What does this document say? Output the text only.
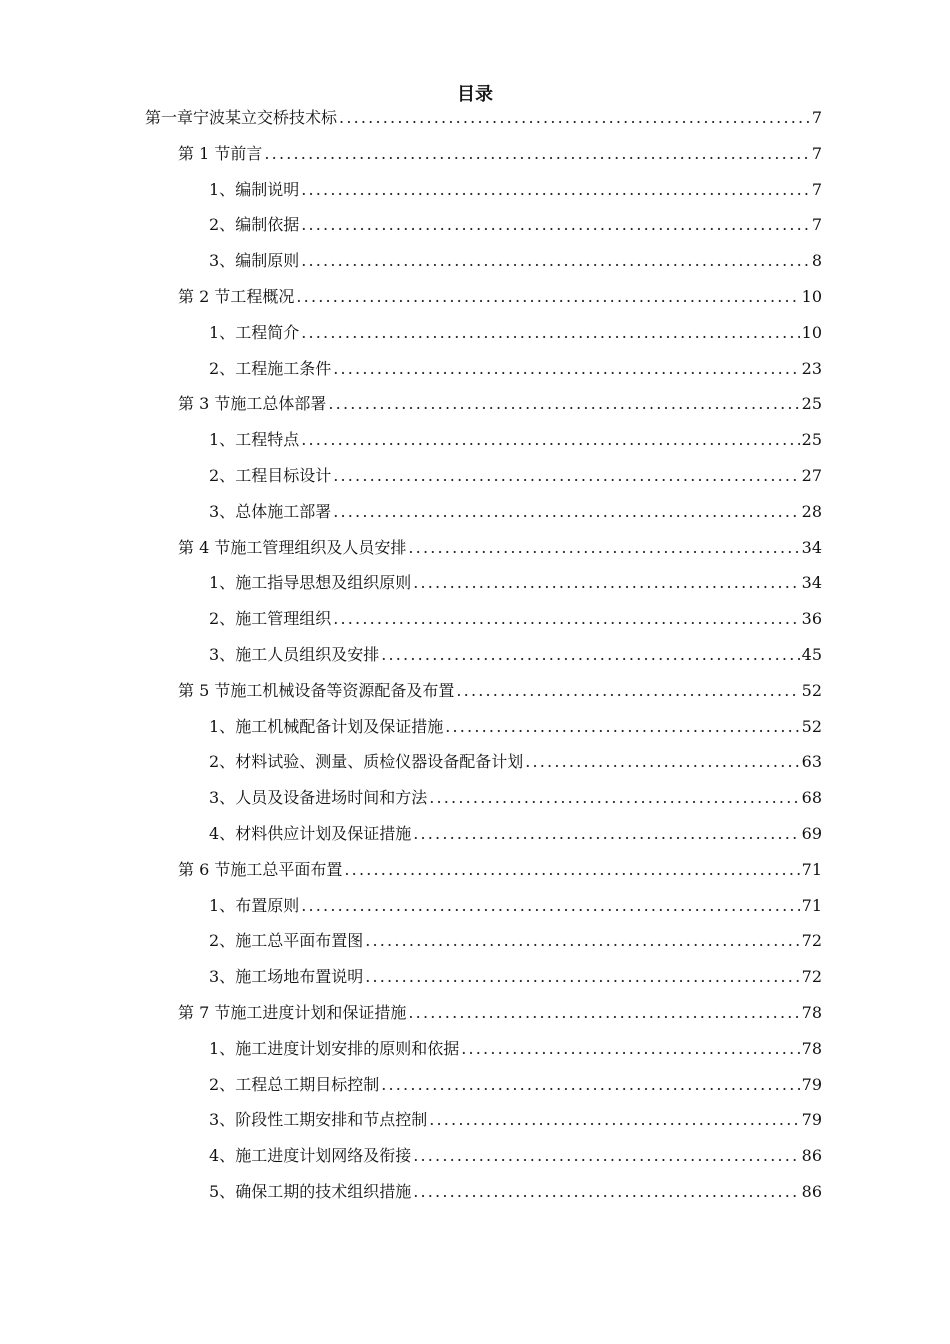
目录
第一章 宁波某立交桥技术标 .....	7
第 1 节 前言 .....	7
1、 编制说明 .....	7
2、 编制依据 .....	7
3、 编制原则 .....	8
第 2 节 工程概况 .....	10
1、 工程简介 .....	10
2、 工程施工条件 .....	23
第 3 节 施工总体部署 .....	25
1、 工程特点 .....	25
2、 工程目标设计 .....	27
3、 总体施工部署 .....	28
第 4 节 施工管理组织及人员安排 .....	34
1、 施工指导思想及组织原则 .....	34
2、 施工管理组织 .....	36
3、 施工人员组织及安排 .....	45
第 5 节 施工机械设备等资源配备及布置 .....	52
1、 施工机械配备计划及保证措施 .....	52
2、 材料试验、测量、质检仪器设备配备计划 .....	63
3、 人员及设备进场时间和方法 .....	68
4、 材料供应计划及保证措施 .....	69
第 6 节 施工总平面布置 .....	71
1、 布置原则 .....	71
2、 施工总平面布置图 .....	72
3、 施工场地布置说明 .....	72
第 7 节 施工进度计划和保证措施 .....	78
1、 施工进度计划安排的原则和依据 .....	78
2、 工程总工期目标控制 .....	79
3、 阶段性工期安排和节点控制 .....	79
4、 施工进度计划网络及衔接 .....	86
5、 确保工期的技术组织措施 .....	86
